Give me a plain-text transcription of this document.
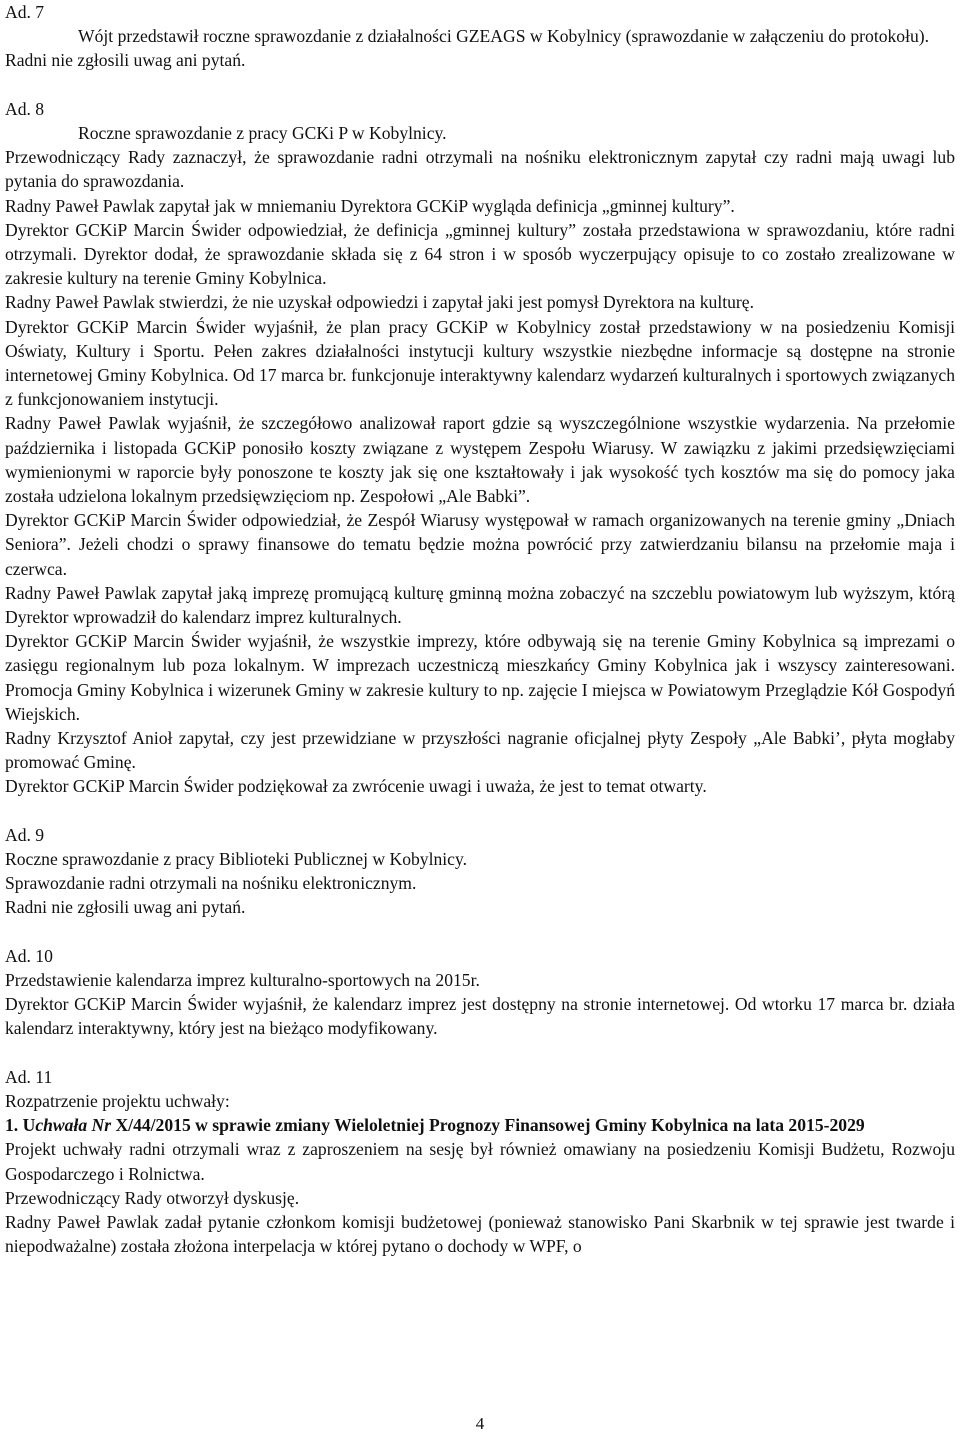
Ad. 7

Wójt przedstawił roczne sprawozdanie z działalności GZEAGS w Kobylnicy (sprawozdanie w załączeniu do protokołu).

Radni nie zgłosili uwag ani pytań.
Ad. 8
Roczne sprawozdanie z pracy GCKi P w Kobylnicy.

Przewodniczący Rady zaznaczył, że sprawozdanie radni otrzymali na nośniku elektronicznym zapytał czy radni mają uwagi lub pytania do sprawozdania.

Radny Paweł Pawlak zapytał jak w mniemaniu Dyrektora GCKiP wygląda definicja „gminnej kultury”.

Dyrektor GCKiP Marcin Świder odpowiedział, że definicja „gminnej kultury” została przedstawiona w sprawozdaniu, które radni otrzymali. Dyrektor dodał, że sprawozdanie składa się z 64 stron i w sposób wyczerpujący opisuje to co zostało zrealizowane w zakresie kultury na terenie Gminy Kobylnica.

Radny Paweł Pawlak stwierdzi, że nie uzyskał odpowiedzi i zapytał jaki jest pomysł Dyrektora na kulturę.

Dyrektor GCKiP Marcin Świder wyjaśnił, że plan pracy GCKiP w Kobylnicy został przedstawiony w na posiedzeniu Komisji Oświaty, Kultury i Sportu. Pełen zakres działalności instytucji kultury wszystkie niezbędne informacje są dostępne na stronie internetowej Gminy Kobylnica. Od 17 marca br. funkcjonuje interaktywny kalendarz wydarzeń kulturalnych i sportowych związanych z funkcjonowaniem instytucji.

Radny Paweł Pawlak wyjaśnił, że szczegółowo analizował raport gdzie są wyszczególnione wszystkie wydarzenia. Na przełomie października i listopada GCKiP ponosiło koszty związane z występem Zespołu Wiarusy. W zawiązku z jakimi przedsięwzięciami wymienionymi w raporcie były ponoszone te koszty jak się one kształtowały i jak wysokość tych kosztów ma się do pomocy jaka została udzielona lokalnym przedsięwzięciom np. Zespołowi „Ale Babki”.

Dyrektor GCKiP Marcin Świder odpowiedział, że Zespół Wiarusy występował w ramach organizowanych na terenie gminy „Dniach Seniora”. Jeżeli chodzi o sprawy finansowe do tematu będzie można powrócić przy zatwierdzaniu bilansu na przełomie maja i czerwca.

Radny Paweł Pawlak zapytał jaką imprezę promującą kulturę gminną można zobaczyć na szczeblu powiatowym lub wyższym, którą Dyrektor wprowadził do kalendarz imprez kulturalnych.

Dyrektor GCKiP Marcin Świder wyjaśnił, że wszystkie imprezy, które odbywają się na terenie Gminy Kobylnica są imprezami o zasięgu regionalnym lub poza lokalnym. W imprezach uczestniczą mieszkańcy Gminy Kobylnica jak i wszyscy zainteresowani. Promocja Gminy Kobylnica i wizerunek Gminy w zakresie kultury to np. zajęcie I miejsca w Powiatowym Przeglądzie Kół Gospodyń Wiejskich.

Radny Krzysztof Anioł zapytał, czy jest przewidziane w przyszłości nagranie oficjalnej płyty Zespoły „Ale Babki’, płyta mogłaby promować Gminę.

Dyrektor GCKiP Marcin Świder podziękował za zwrócenie uwagi i uważa, że jest to temat otwarty.

Ad. 9
Roczne sprawozdanie z pracy Biblioteki Publicznej w Kobylnicy.
Sprawozdanie radni otrzymali na nośniku elektronicznym.
Radni nie zgłosili uwag ani pytań.
Ad. 10
Przedstawienie kalendarza imprez kulturalno-sportowych na 2015r.

Dyrektor GCKiP Marcin Świder wyjaśnił, że kalendarz imprez jest dostępny na stronie internetowej. Od wtorku 17 marca br. działa kalendarz interaktywny, który jest na bieżąco modyfikowany.

Ad. 11
Rozpatrzenie projektu uchwały:

1. Uchwała Nr X/44/2015 w sprawie zmiany Wieloletniej Prognozy Finansowej Gminy Kobylnica na lata 2015-2029

Projekt uchwały radni otrzymali wraz z zaproszeniem na sesję był również omawiany na posiedzeniu Komisji Budżetu, Rozwoju Gospodarczego i Rolnictwa.

Przewodniczący Rady otworzył dyskusję.

Radny Paweł Pawlak zadał pytanie członkom komisji budżetowej (ponieważ stanowisko Pani Skarbnik w tej sprawie jest twarde i niepodważalne) została złożona interpelacja w której pytano o dochody w WPF, o

4
